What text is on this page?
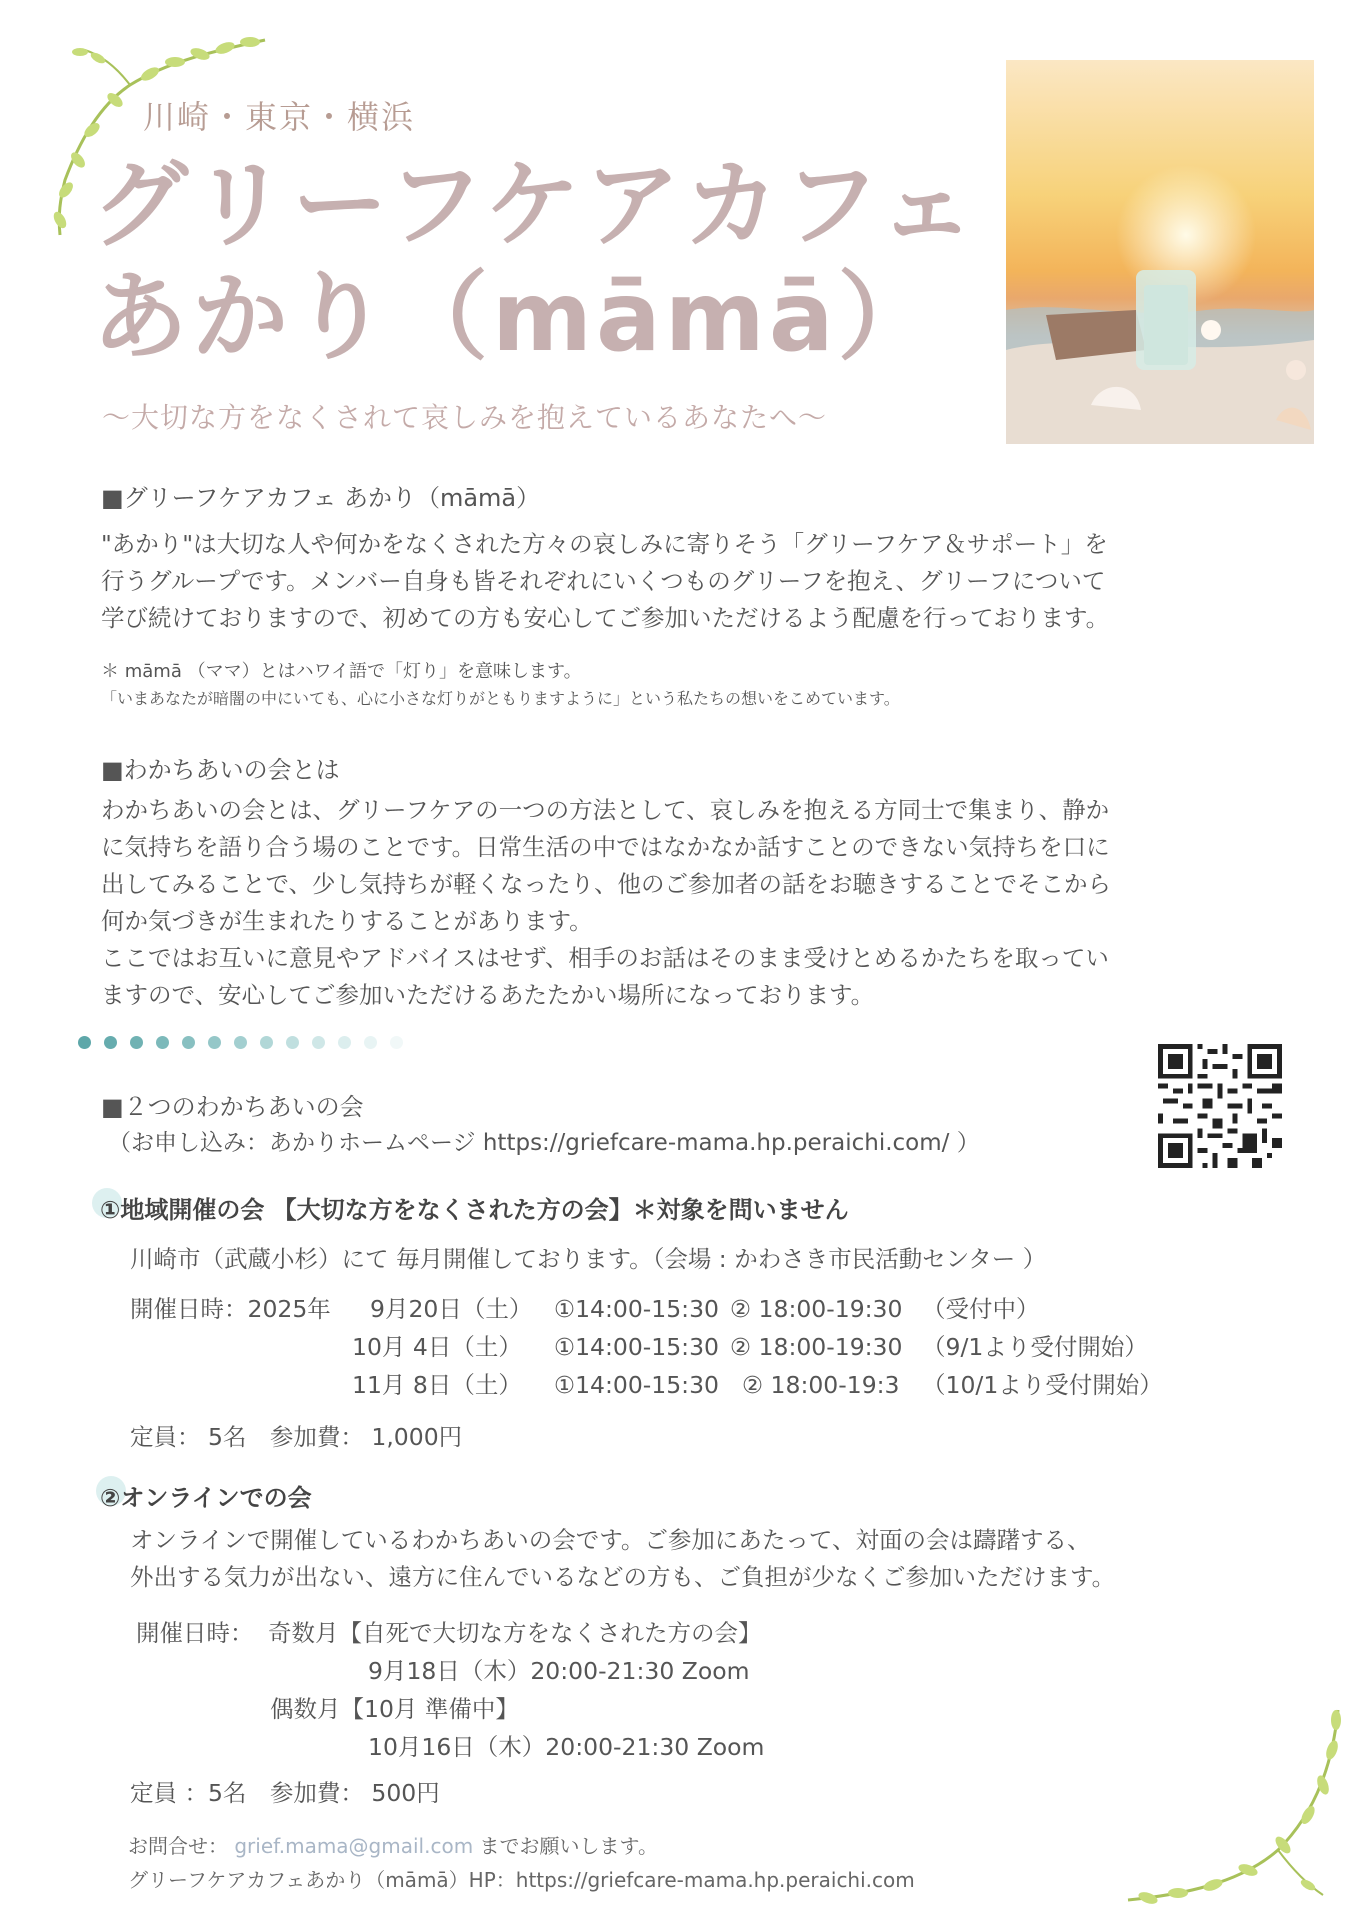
川崎・東京・横浜
グリーフケアカフェ
あかり（māmā）
〜大切な方をなくされて哀しみを抱えているあなたへ〜
■グリーフケアカフェ あかり（māmā）
"あかり"は大切な人や何かをなくされた方々の哀しみに寄りそう「グリーフケア＆サポート」を
行うグループです。メンバー自身も皆それぞれにいくつものグリーフを抱え、グリーフについて
学び続けておりますので、初めての方も安心してご参加いただけるよう配慮を行っております。
＊ māmā （ママ）とはハワイ語で「灯り」を意味します。
「いまあなたが暗闇の中にいても、心に小さな灯りがともりますように」という私たちの想いをこめています。
■わかちあいの会とは
わかちあいの会とは、グリーフケアの一つの方法として、哀しみを抱える方同士で集まり、静か
に気持ちを語り合う場のことです。日常生活の中ではなかなか話すことのできない気持ちを口に
出してみることで、少し気持ちが軽くなったり、他のご参加者の話をお聴きすることでそこから
何か気づきが生まれたりすることがあります。
ここではお互いに意見やアドバイスはせず、相手のお話はそのまま受けとめるかたちを取ってい
ますので、安心してご参加いただけるあたたかい場所になっております。
■２つのわかちあいの会
（お申し込み：あかりホームページ https://griefcare-mama.hp.peraichi.com/ ）
①地域開催の会 【大切な方をなくされた方の会】＊対象を問いません
川崎市（武蔵小杉）にて 毎月開催しております。（会場 : かわさき市民活動センター ）
開催日時：2025年 9月20日（土） ①14:00-15:30 ② 18:00-19:30 （受付中）
10月 4日（土） ①14:00-15:30 ② 18:00-19:30 （9/1より受付開始）
11月 8日（土） ①14:00-15:30 ② 18:00-19:3 （10/1より受付開始）
定員： 5名　参加費： 1,000円
②オンラインでの会
オンラインで開催しているわかちあいの会です。ご参加にあたって、対面の会は躊躇する、
外出する気力が出ない、遠方に住んでいるなどの方も、ご負担が少なくご参加いただけます。
開催日時： 奇数月【自死で大切な方をなくされた方の会】
9月18日（木）20:00-21:30 Zoom
偶数月【10月 準備中】
10月16日（木）20:00-21:30 Zoom
定員 ：5名　参加費： 500円
お問合せ： grief.mama@gmail.com までお願いします。
グリーフケアカフェあかり（māmā）HP：https://griefcare-mama.hp.peraichi.com
